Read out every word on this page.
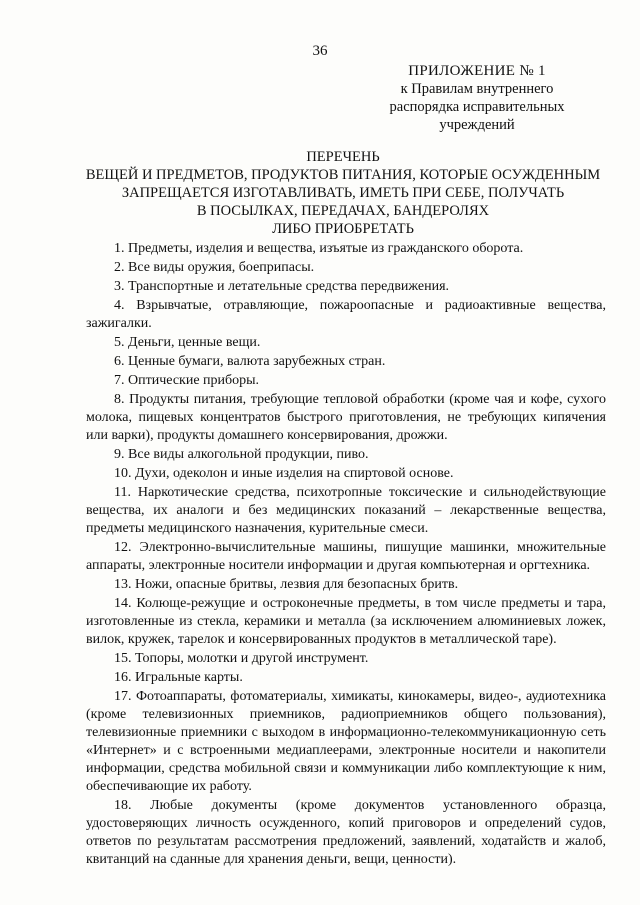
36
ПРИЛОЖЕНИЕ № 1
к Правилам внутреннего
распорядка исправительных
учреждений
ПЕРЕЧЕНЬ
ВЕЩЕЙ И ПРЕДМЕТОВ, ПРОДУКТОВ ПИТАНИЯ, КОТОРЫЕ ОСУЖДЕННЫМ
ЗАПРЕЩАЕТСЯ ИЗГОТАВЛИВАТЬ, ИМЕТЬ ПРИ СЕБЕ, ПОЛУЧАТЬ
В ПОСЫЛКАХ, ПЕРЕДАЧАХ, БАНДЕРОЛЯХ
ЛИБО ПРИОБРЕТАТЬ

1. Предметы, изделия и вещества, изъятые из гражданского оборота.

2. Все виды оружия, боеприпасы.

3. Транспортные и летательные средства передвижения.

4. Взрывчатые, отравляющие, пожароопасные и радиоактивные вещества, зажигалки.

5. Деньги, ценные вещи.

6. Ценные бумаги, валюта зарубежных стран.

7. Оптические приборы.

8. Продукты питания, требующие тепловой обработки (кроме чая и кофе, сухого молока, пищевых концентратов быстрого приготовления, не требующих кипячения или варки), продукты домашнего консервирования, дрожжи.

9. Все виды алкогольной продукции, пиво.

10. Духи, одеколон и иные изделия на спиртовой основе.

11. Наркотические средства, психотропные токсические и сильнодействующие вещества, их аналоги и без медицинских показаний – лекарственные вещества, предметы медицинского назначения, курительные смеси.

12. Электронно-вычислительные машины, пишущие машинки, множительные аппараты, электронные носители информации и другая компьютерная и оргтехника.

13. Ножи, опасные бритвы, лезвия для безопасных бритв.

14. Колюще-режущие и остроконечные предметы, в том числе предметы и тара, изготовленные из стекла, керамики и металла (за исключением алюминиевых ложек, вилок, кружек, тарелок и консервированных продуктов в металлической таре).

15. Топоры, молотки и другой инструмент.

16. Игральные карты.

17. Фотоаппараты, фотоматериалы, химикаты, кинокамеры, видео-, аудиотехника (кроме телевизионных приемников, радиоприемников общего пользования), телевизионные приемники с выходом в информационно-телекоммуникационную сеть «Интернет» и с встроенными медиаплеерами, электронные носители и накопители информации, средства мобильной связи и коммуникации либо комплектующие к ним, обеспечивающие их работу.

18. Любые документы (кроме документов установленного образца, удостоверяющих личность осужденного, копий приговоров и определений судов, ответов по результатам рассмотрения предложений, заявлений, ходатайств и жалоб, квитанций на сданные для хранения деньги, вещи, ценности).
